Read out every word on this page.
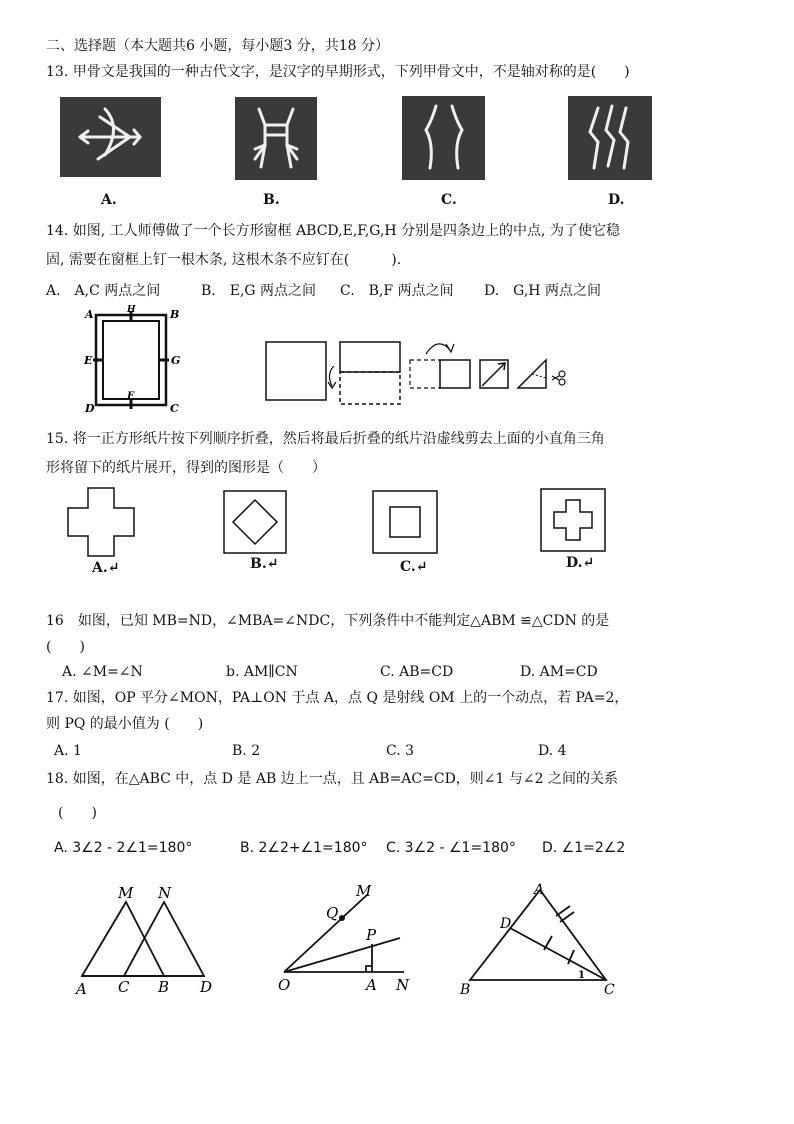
二、选择题（本大题共6 小题，每小题3 分，共18 分）
13. 甲骨文是我国的一种古代文字，是汉字的早期形式，下列甲骨文中，不是轴对称的是(　　)
A.	B.	C.	D.
14. 如图, 工人师傅做了一个长方形窗框 ABCD,E,F,G,H 分别是四条边上的中点, 为了使它稳
固, 需要在窗框上钉一根木条, 这根木条不应钉在(　　　).
A.　A,C 两点之间	B.　E,G 两点之间 C.　B,F 两点之间 D.　G,H 两点之间
A	H	B
E	G
D
F
C
15. 将一正方形纸片按下列顺序折叠，然后将最后折叠的纸片沿虚线剪去上面的小直角三角
形将留下的纸片展开，得到的图形是（　　）
A.↵	B.↵	C.↵	D.↵
16　如图，已知 MB=ND，∠MBA=∠NDC，下列条件中不能判定△ABM ≌△CDN 的是
(　　)
A. ∠M=∠N	b. AM∥CN	C. AB=CD	D. AM=CD
17. 如图，OP 平分∠MON，PA⊥ON 于点 A，点 Q 是射线 OM 上的一个动点，若 PA=2，
则 PQ 的最小值为 (　　)
A. 1	B. 2	C. 3	D. 4
18. 如图，在△ABC 中，点 D 是 AB 边上一点，且 AB=AC=CD，则∠1 与∠2 之间的关系
(　　)
A. 3∠2 - 2∠1=180°	B. 2∠2+∠1=180° C. 3∠2 - ∠1=180° D. ∠1=2∠2
M N
A C B D
M
Q
P
O	A N
A
D
B	C
1
